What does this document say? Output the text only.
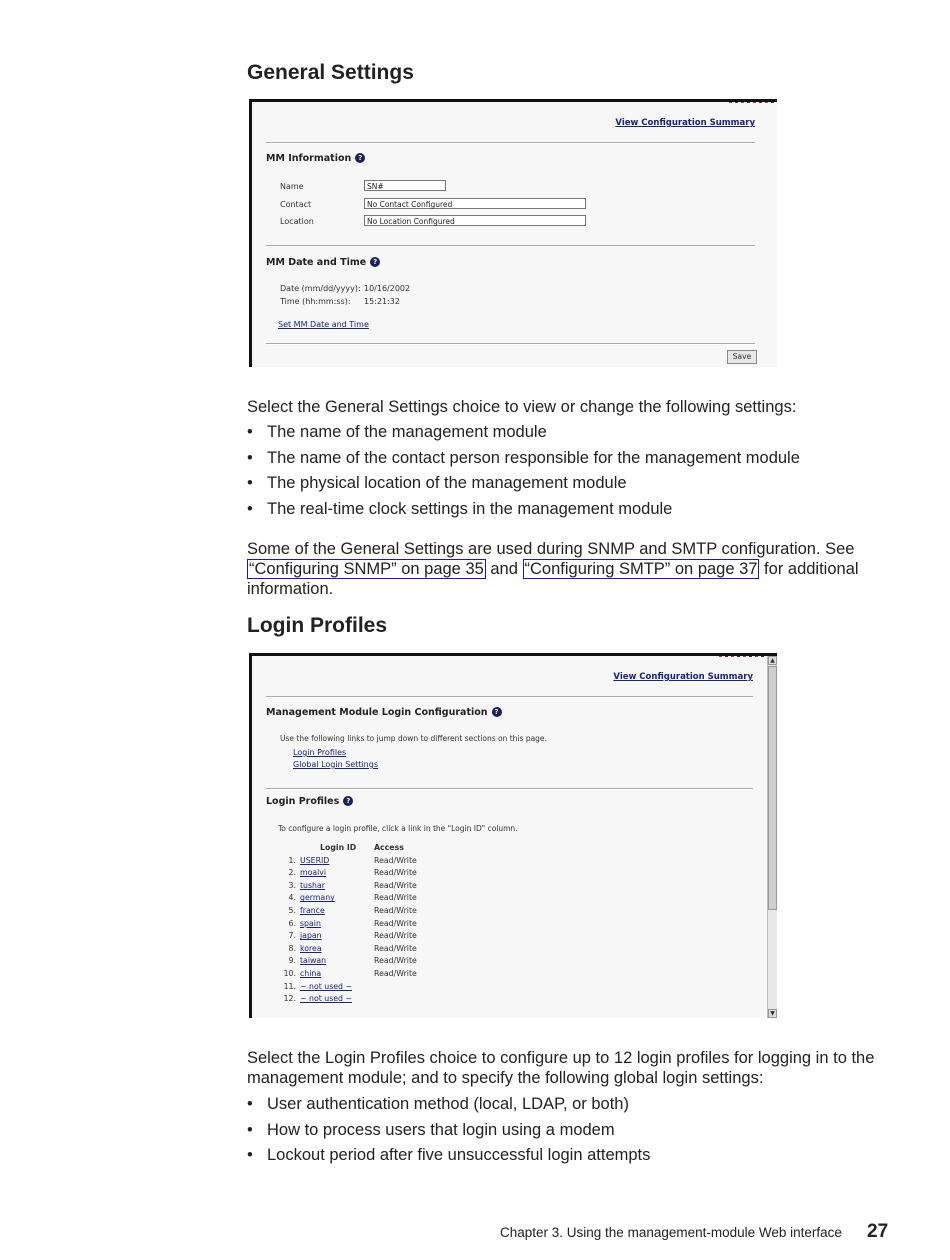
General Settings
View Configuration Summary
MM Information ?
Name	SN#
Contact	No Contact Configured
Location	No Location Configured
MM Date and Time ?
Date (mm/dd/yyyy): 10/16/2002
Time (hh:mm:ss): 15:21:32
Set MM Date and Time
Save

Select the General Settings choice to view or change the following settings:

• The name of the management module
• The name of the contact person responsible for the management module
• The physical location of the management module
• The real-time clock settings in the management module

Some of the General Settings are used during SNMP and SMTP configuration. See “Configuring SNMP” on page 35 and “Configuring SMTP” on page 37 for additional information.

Login Profiles
View Configuration Summary
Management Module Login Configuration ?
Use the following links to jump down to different sections on this page.
Login Profiles
Global Login Settings
Login Profiles ?
To configure a login profile, click a link in the "Login ID" column.
	Login ID	Access
1.	USERID	Read/Write
2.	moalvi	Read/Write
3.	tushar	Read/Write
4.	germany	Read/Write
5.	france	Read/Write
6.	spain	Read/Write
7.	japan	Read/Write
8.	korea	Read/Write
9.	taiwan	Read/Write
10.	china	Read/Write
11.	~ not used ~	
12.	~ not used ~	
▲
▼

Select the Login Profiles choice to configure up to 12 login profiles for logging in to the management module; and to specify the following global login settings:

• User authentication method (local, LDAP, or both)
• How to process users that login using a modem
• Lockout period after five unsuccessful login attempts
Chapter 3. Using the management-module Web interface 27
